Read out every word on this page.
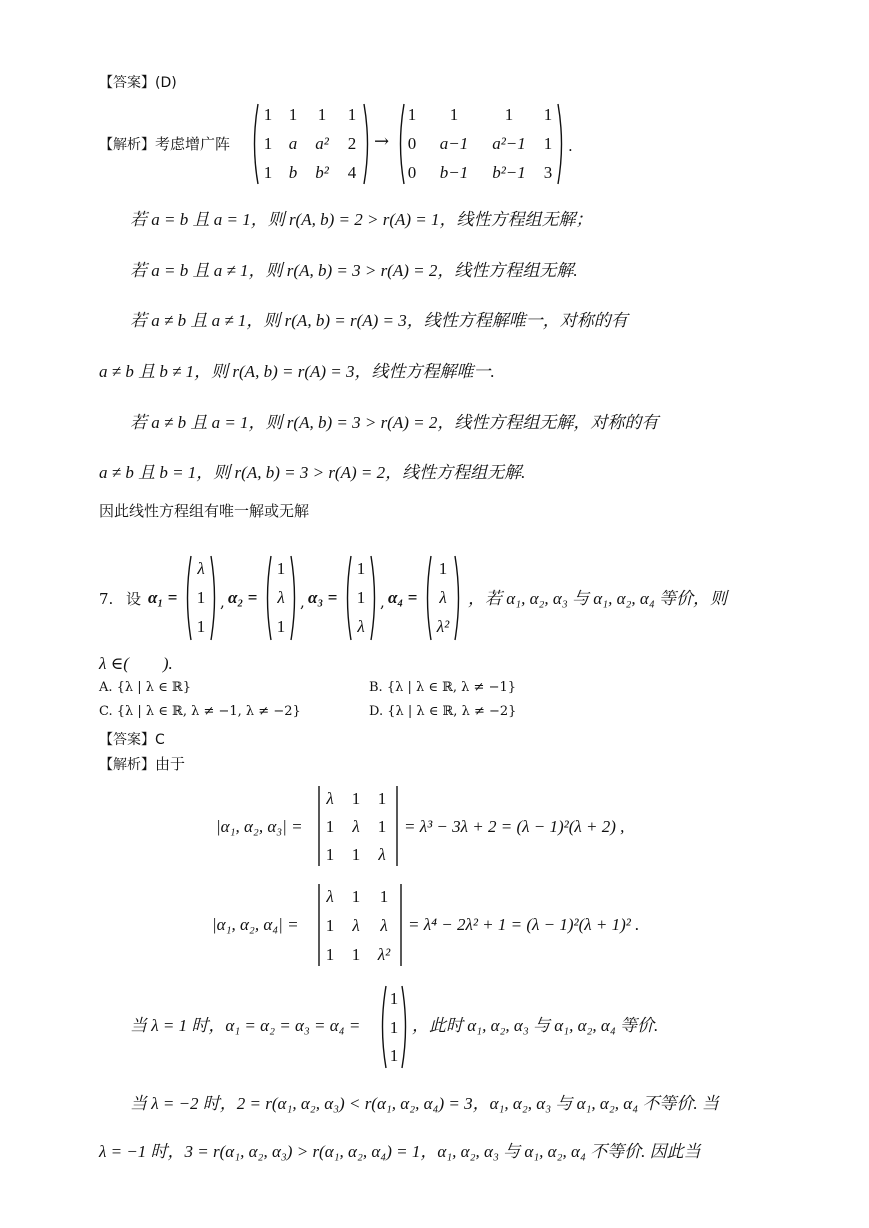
【答案】(D)
【解析】考虑增广阵
1 1	1	1
1 a	a²	2
1 b	b²	4
→
1	1	1	1
0	a−1	a²−1	1
0	b−1	b²−1	3
.
若 a = b 且 a = 1，则 r(A, b) = 2 > r(A) = 1，线性方程组无解；
若 a = b 且 a ≠ 1，则 r(A, b) = 3 > r(A) = 2，线性方程组无解.
若 a ≠ b 且 a ≠ 1，则 r(A, b) = r(A) = 3，线性方程解唯一，对称的有
a ≠ b 且 b ≠ 1，则 r(A, b) = r(A) = 3，线性方程解唯一.
若 a ≠ b 且 a = 1，则 r(A, b) = 3 > r(A) = 2，线性方程组无解，对称的有
a ≠ b 且 b = 1，则 r(A, b) = 3 > r(A) = 2，线性方程组无解.
因此线性方程组有唯一解或无解
7. 设 α₁ =
λ
1
1
, α₂ =
1
λ
1
, α₃ =
1
1
λ
, α₄ =
1
λ
λ²
，若 α₁, α₂, α₃ 与 α₁, α₂, α₄ 等价，则
λ ∈(　　).
A. {λ | λ ∈ ℝ}	B. {λ | λ ∈ ℝ, λ ≠ −1}
C. {λ | λ ∈ ℝ, λ ≠ −1, λ ≠ −2}	D. {λ | λ ∈ ℝ, λ ≠ −2}
【答案】C
【解析】由于
|α₁, α₂, α₃| =
λ	1	1
1	λ	1
1	1	λ
= λ³ − 3λ + 2 = (λ − 1)²(λ + 2) ,
|α₁, α₂, α₄| =
λ	1	1
1	λ	λ
1	1	λ²
= λ⁴ − 2λ² + 1 = (λ − 1)²(λ + 1)² .
当 λ = 1 时，α₁ = α₂ = α₃ = α₄ =
1
1
1
，此时 α₁, α₂, α₃ 与 α₁, α₂, α₄ 等价.
当 λ = −2 时，2 = r(α₁, α₂, α₃) < r(α₁, α₂, α₄) = 3，α₁, α₂, α₃ 与 α₁, α₂, α₄ 不等价. 当
λ = −1 时，3 = r(α₁, α₂, α₃) > r(α₁, α₂, α₄) = 1，α₁, α₂, α₃ 与 α₁, α₂, α₄ 不等价. 因此当
